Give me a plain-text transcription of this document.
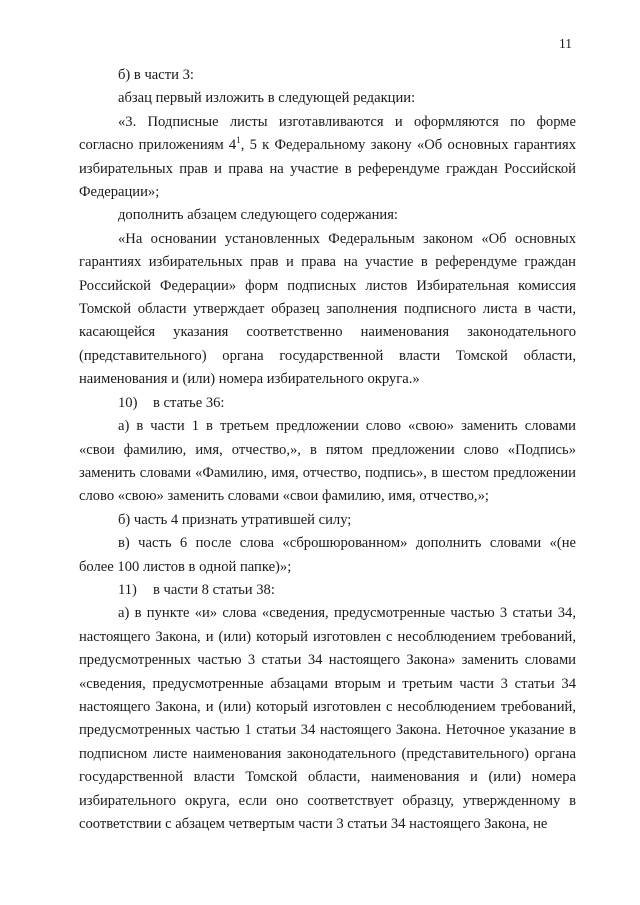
11

б) в части 3:

абзац первый изложить в следующей редакции:

«3. Подписные листы изготавливаются и оформляются по форме согласно приложениям $4^1$, 5 к Федеральному закону «Об основных гарантиях избирательных прав и права на участие в референдуме граждан Российской Федерации»;

дополнить абзацем следующего содержания:

«На основании установленных Федеральным законом «Об основных гарантиях избирательных прав и права на участие в референдуме граждан Российской Федерации» форм подписных листов Избирательная комиссия Томской области утверждает образец заполнения подписного листа в части, касающейся указания соответственно наименования законодательного (представительного) органа государственной власти Томской области, наименования и (или) номера избирательного округа.»

10) в статье 36:

а) в части 1 в третьем предложении слово «свою» заменить словами «свои фамилию, имя, отчество,», в пятом предложении слово «Подпись» заменить словами «Фамилию, имя, отчество, подпись», в шестом предложении слово «свою» заменить словами «свои фамилию, имя, отчество,»;

б) часть 4 признать утратившей силу;

в) часть 6 после слова «сброшюрованном» дополнить словами «(не более 100 листов в одной папке)»;

11) в части 8 статьи 38:

а) в пункте «и» слова «сведения, предусмотренные частью 3 статьи 34, настоящего Закона, и (или) который изготовлен с несоблюдением требований, предусмотренных частью 3 статьи 34 настоящего Закона» заменить словами «сведения, предусмотренные абзацами вторым и третьим части 3 статьи 34 настоящего Закона, и (или) который изготовлен с несоблюдением требований, предусмотренных частью 1 статьи 34 настоящего Закона. Неточное указание в подписном листе наименования законодательного (представительного) органа государственной власти Томской области, наименования и (или) номера избирательного округа, если оно соответствует образцу, утвержденному в соответствии с абзацем четвертым части 3 статьи 34 настоящего Закона, не
